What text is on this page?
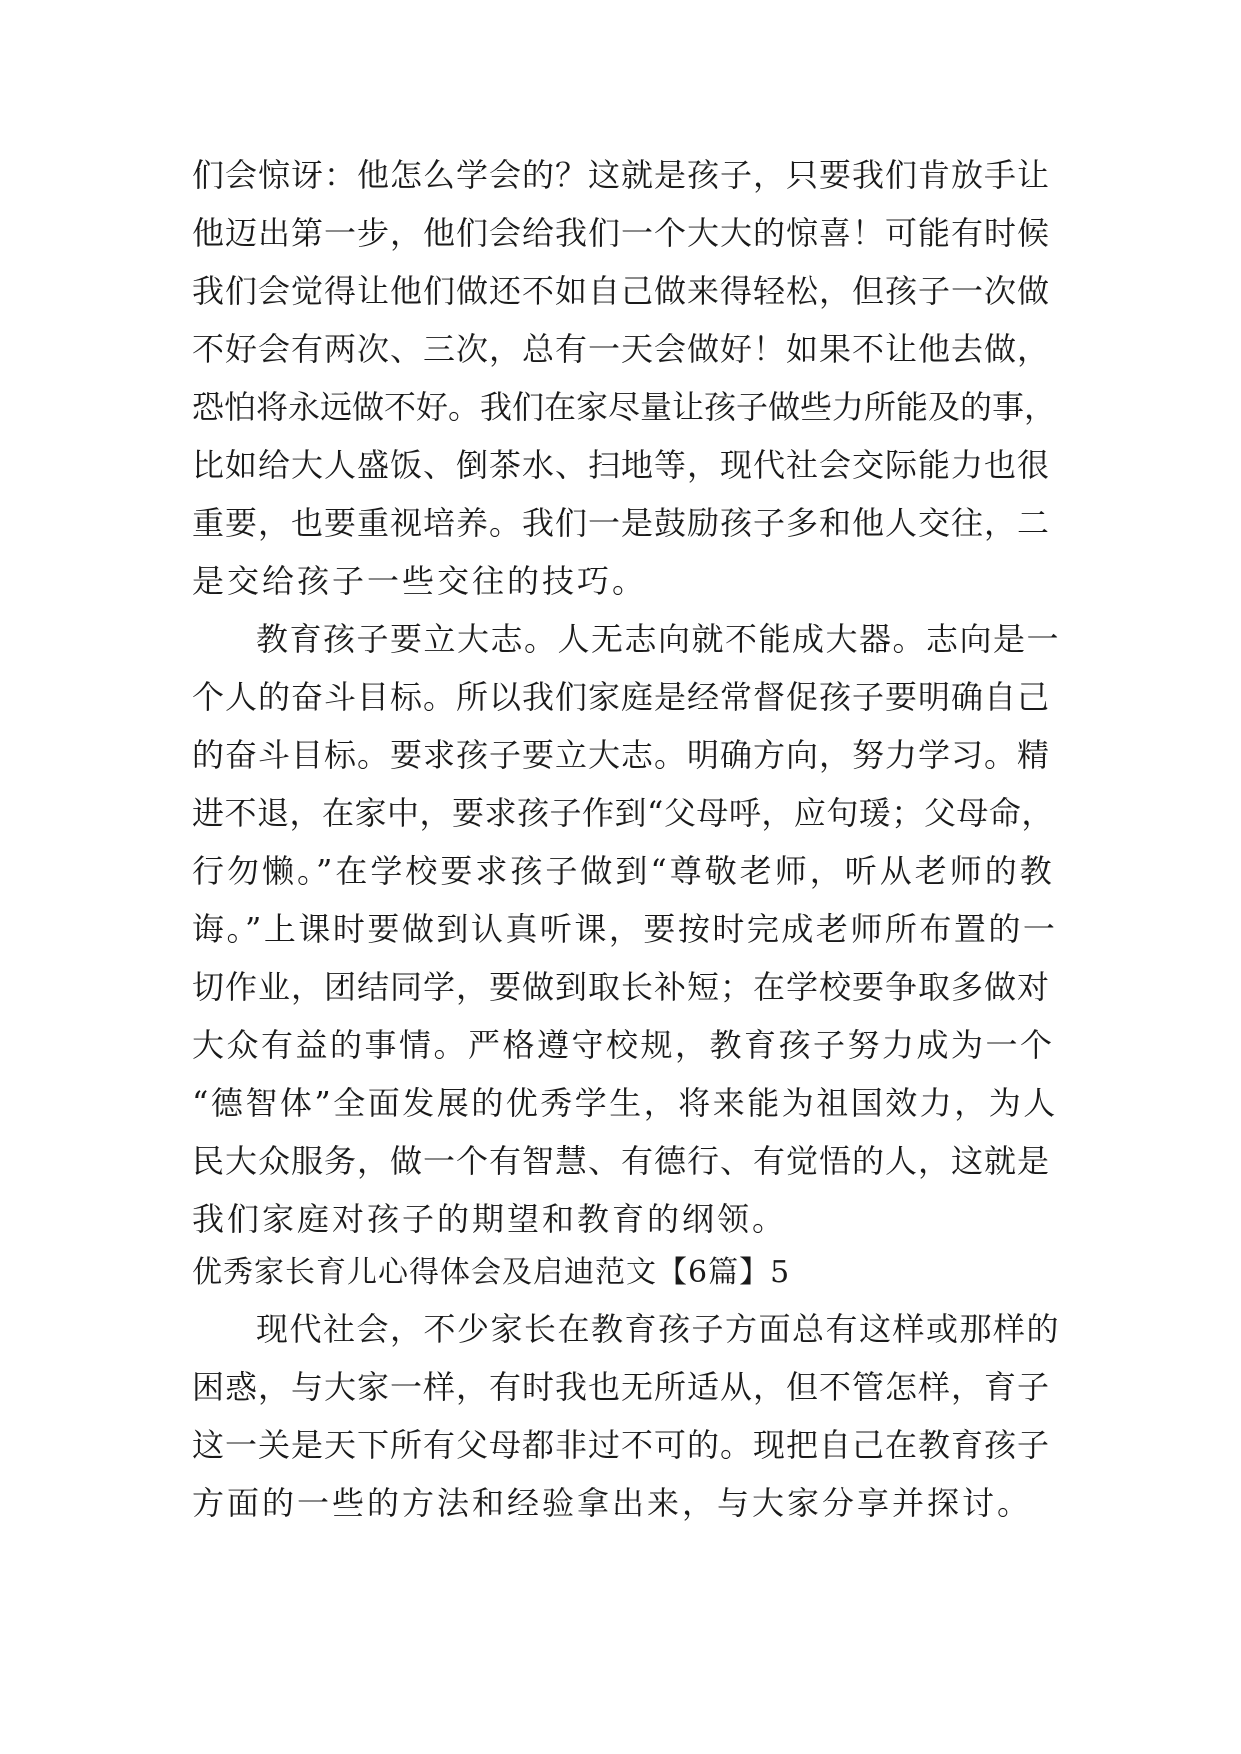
们会惊讶：他怎么学会的？这就是孩子，只要我们肯放手让
他迈出第一步，他们会给我们一个大大的惊喜！可能有时候
我们会觉得让他们做还不如自己做来得轻松，但孩子一次做
不好会有两次、三次，总有一天会做好！如果不让他去做，
恐怕将永远做不好。我们在家尽量让孩子做些力所能及的事，
比如给大人盛饭、倒茶水、扫地等，现代社会交际能力也很
重要，也要重视培养。我们一是鼓励孩子多和他人交往，二
是交给孩子一些交往的技巧。
教育孩子要立大志。人无志向就不能成大器。志向是一
个人的奋斗目标。所以我们家庭是经常督促孩子要明确自己
的奋斗目标。要求孩子要立大志。明确方向，努力学习。精
进不退，在家中，要求孩子作到“父母呼，应句瑗；父母命，
行勿懒。”在学校要求孩子做到“尊敬老师，听从老师的教
诲。”上课时要做到认真听课，要按时完成老师所布置的一
切作业，团结同学，要做到取长补短；在学校要争取多做对
大众有益的事情。严格遵守校规，教育孩子努力成为一个
“德智体”全面发展的优秀学生，将来能为祖国效力，为人
民大众服务，做一个有智慧、有德行、有觉悟的人，这就是
我们家庭对孩子的期望和教育的纲领。
优秀家长育儿心得体会及启迪范文【6篇】5
现代社会，不少家长在教育孩子方面总有这样或那样的
困惑，与大家一样，有时我也无所适从，但不管怎样，育子
这一关是天下所有父母都非过不可的。现把自己在教育孩子
方面的一些的方法和经验拿出来，与大家分享并探讨。
